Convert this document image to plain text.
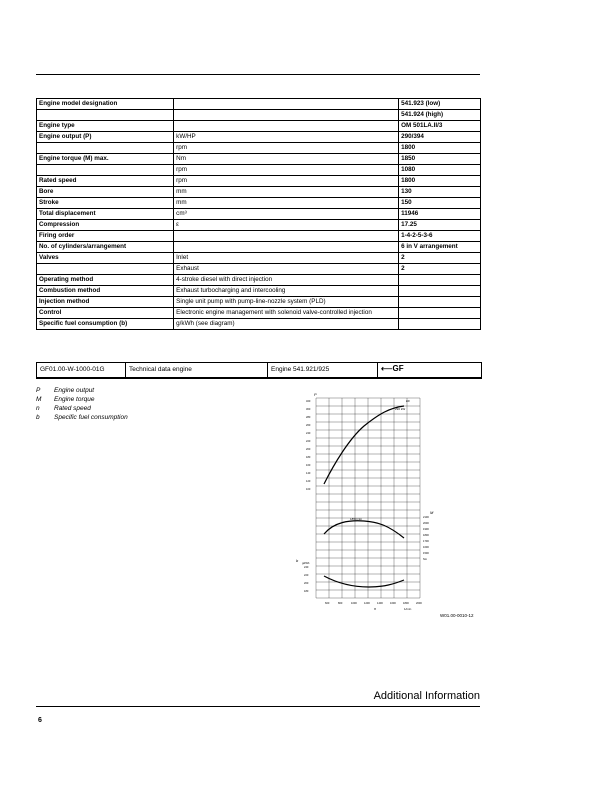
Engine model designation		541.923 (low)
		541.924 (high)
Engine type		OM 501LA.II/3
Engine output (P)	kW/HP	290/394
	rpm	1800
Engine torque (M) max.	Nm	1850
	rpm	1080
Rated speed	rpm	1800
Bore	mm	130
Stroke	mm	150
Total displacement	cm³	11946
Compression	ε	17.25
Firing order		1-4-2-5-3-6
No. of cylinders/arrangement		6 in V arrangement
Valves	Inlet	2
	Exhaust	2
Operating method	4-stroke diesel with direct injection	
Combustion method	Exhaust turbocharging and intercooling	
Injection method	Single unit pump with pump-line-nozzle system (PLD)	
Control	Electronic engine management with solenoid valve-controlled injection	
Specific fuel consumption (b)	g/kWh (see diagram)	
GF01.00-W-1000-01G	Technical data engine	Engine 541.921/925	⟵GF
P	Engine output
M	Engine torque
n	Rated speed
b	Specific fuel consumption
P
M
b
n	1/min
290 kW
1850 Nm
600	800	1000	1200	1400	1600	1800	2000
320
300
280
260
240
220
200
180
160
140
120
100
2100
2000
1900
1800
1700
1600
1500
240
220
200
180
kW
Nm
g/kWh
W01.00-0010-12
Additional Information
6
